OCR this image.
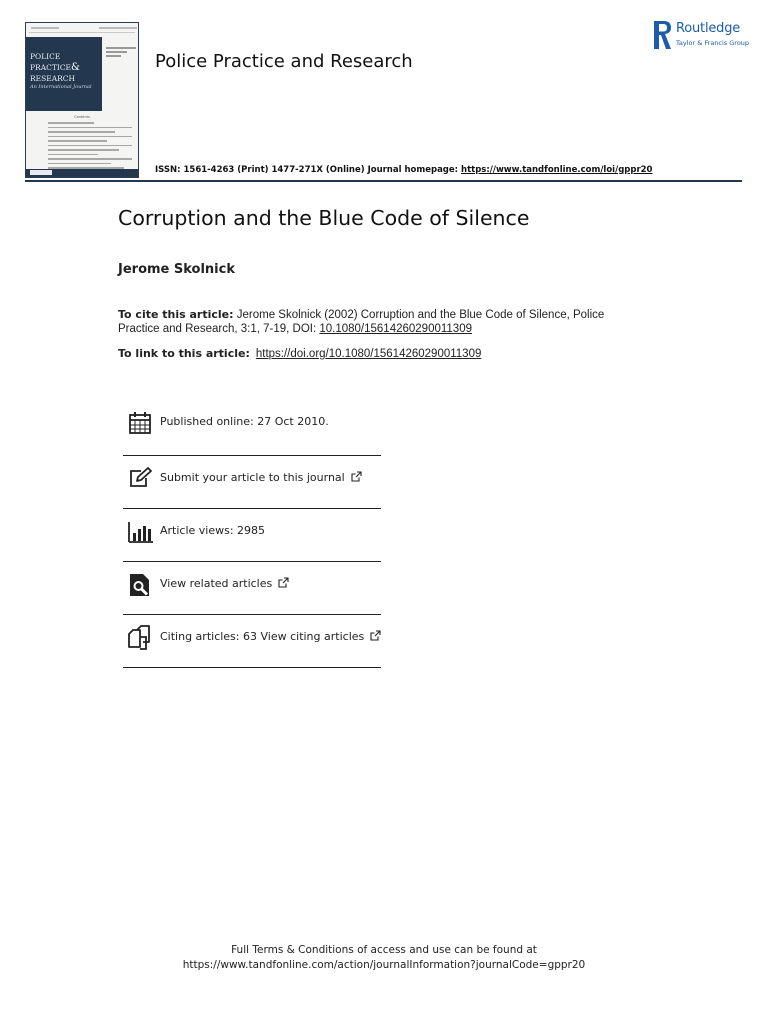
POLICE
PRACTICE&
RESEARCH
An International Journal
Contents
Police Practice and Research
Routledge
Taylor & Francis Group
ISSN: 1561-4263 (Print) 1477-271X (Online) Journal homepage: https://www.tandfonline.com/loi/gppr20
Corruption and the Blue Code of Silence
Jerome Skolnick
To cite this article: Jerome Skolnick (2002) Corruption and the Blue Code of Silence, Police Practice and Research, 3:1, 7-19, DOI: 10.1080/15614260290011309
To link to this article: https://doi.org/10.1080/15614260290011309
Published online: 27 Oct 2010.
Submit your article to this journal
Article views: 2985
View related articles
Citing articles: 63 View citing articles
Full Terms & Conditions of access and use can be found at
https://www.tandfonline.com/action/journalInformation?journalCode=gppr20
